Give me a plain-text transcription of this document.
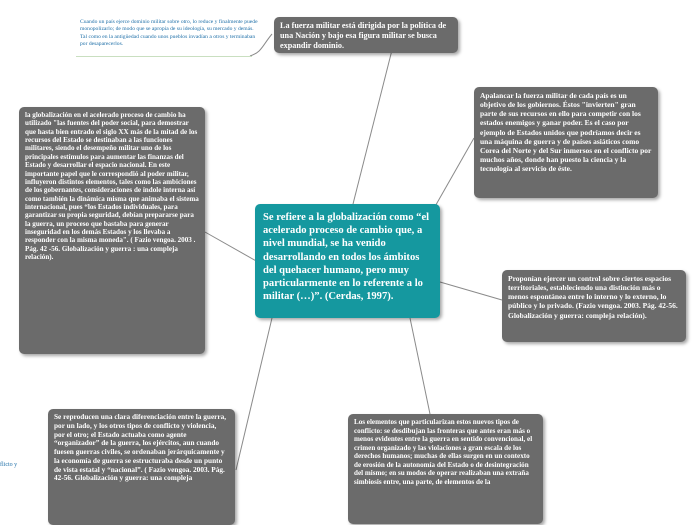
Cuando un país ejerce dominio militar sobre otro, lo reduce y finalmente puede monopolizarlo; de modo que se apropia de su ideología, su mercado y demás. Tal como en la antigüedad cuando unos pueblos invadían a otros y terminaban por desaparecerlos.
Se refiere a la globalización como “el acelerado proceso de cambio que, a nivel mundial, se ha venido desarrollando en todos los ámbitos del quehacer humano, pero muy particularmente en lo referente a lo militar (…)”. (Cerdas, 1997).
La fuerza militar está dirigida por la política de una Nación y bajo esa figura militar se busca expandir dominio.
la globalización en el acelerado proceso de cambio ha utilizado "las fuentes del poder social, para demostrar que hasta bien entrado el siglo XX más de la mitad de los recursos del Estado se destinaban a las funciones militares, siendo el desempeño militar uno de los principales estímulos para aumentar las finanzas del Estado y desarrollar el espacio nacional. En este importante papel que le correspondió al poder militar, influyeron distintos elementos, tales como las ambiciones de los gobernantes, consideraciones de índole interna así como también la dinámica misma que animaba el sistema internacional, pues “los Estados individuales, para garantizar su propia seguridad, debían prepararse para la guerra, un proceso que bastaba para generar inseguridad en los demás Estados y los llevaba a responder con la misma moneda". ( Fazio vengoa. 2003 . Pág. 42 -56. Globalización y guerra : una compleja relación).
Apalancar la fuerza militar de cada país es un objetivo de los gobiernos. Éstos "invierten" gran parte de sus recursos en ello para competir con los estados enemigos y ganar poder. Es el caso por ejemplo de Estados unidos que podríamos decir es una máquina de guerra y de países asiáticos como Corea del Norte y del Sur inmersos en el conflicto por muchos años, donde han puesto la ciencia y la tecnología al servicio de éste.
Proponían ejercer un control sobre ciertos espacios territoriales, estableciendo una distinción más o menos espontánea entre lo interno y lo externo, lo público y lo privado. (Fazio vengoa. 2003. Pág. 42-56. Globalización y guerra: compleja relación).
Se reproducen una clara diferenciación entre la guerra, por un lado, y los otros tipos de conflicto y violencia, por el otro; el Estado actuaba como agente “organizador” de la guerra, los ejércitos, aun cuando fuesen guerras civiles, se ordenaban jerárquicamente y la economía de guerra se estructuraba desde un punto de vista estatal y “nacional”. ( Fazio vengoa. 2003. Pág. 42-56. Globalización y guerra: una compleja
Los elementos que particularizan estos nuevos tipos de conflicto: se desdibujan las fronteras que antes eran más o menos evidentes entre la guerra en sentido convencional, el crimen organizado y las violaciones a gran escala de los derechos humanos; muchas de ellas surgen en un contexto de erosión de la autonomía del Estado o de desintegración del mismo; en su modos de operar realizaban una extraña simbiosis entre, una parte, de elementos de la
flicto y
